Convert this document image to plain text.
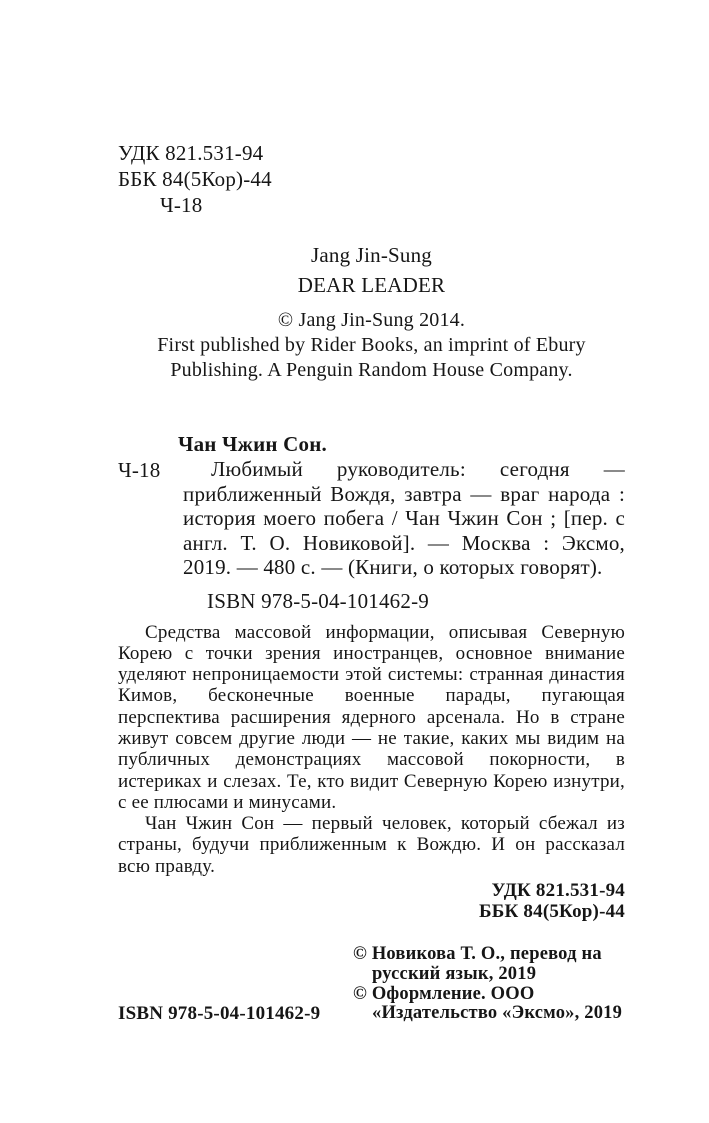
УДК 821.531-94
ББК 84(5Кор)-44
Ч-18
Jang Jin-Sung
DEAR LEADER
© Jang Jin-Sung 2014.
First published by Rider Books, an imprint of Ebury
Publishing. A Penguin Random House Company.
Чан Чжин Сон.
Ч-18	Любимый руководитель: сегодня — приближенный Вождя, завтра — враг народа : история моего побега / Чан Чжин Сон ; [пер. с англ. Т. О. Новиковой]. — Москва : Эксмо, 2019. — 480 с. — (Книги, о которых говорят).

ISBN 978-5-04-101462-9

Средства массовой информации, описывая Северную Корею с точки зрения иностранцев, основное внимание уделяют непроницаемости этой системы: странная династия Кимов, бесконечные военные парады, пугающая перспектива расширения ядерного арсенала. Но в стране живут совсем другие люди — не такие, каких мы видим на публичных демонстрациях массовой покорности, в истериках и слезах. Те, кто видит Северную Корею изнутри, с ее плюсами и минусами.

Чан Чжин Сон — первый человек, который сбежал из страны, будучи приближенным к Вождю. И он рассказал всю правду.

УДК 821.531-94
ББК 84(5Кор)-44
ISBN 978-5-04-101462-9
© Новикова Т. О., перевод на
русский язык, 2019
© Оформление. ООО
«Издательство «Эксмо», 2019
